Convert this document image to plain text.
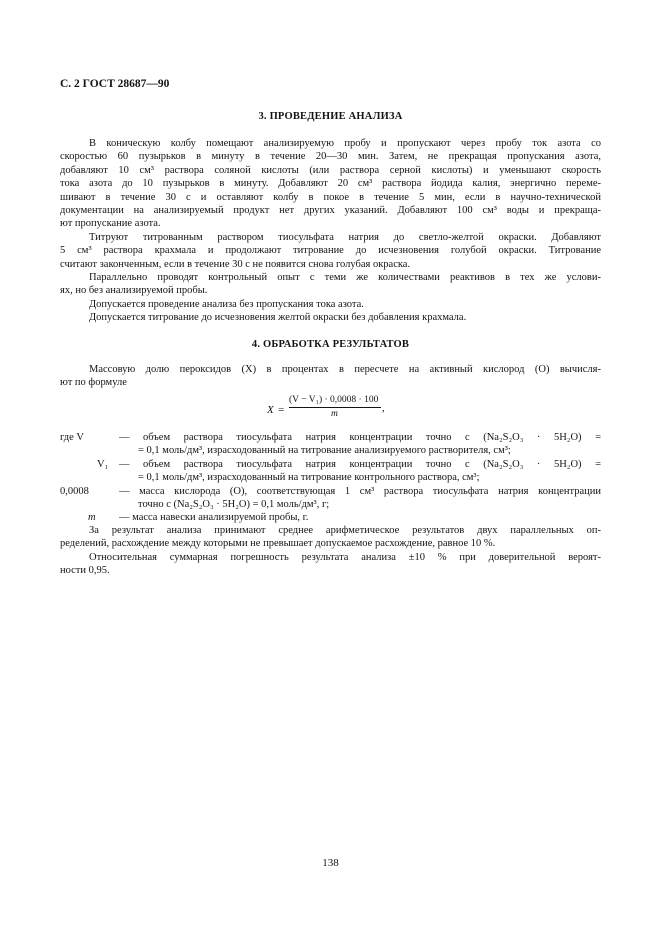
С. 2 ГОСТ 28687—90
3. ПРОВЕДЕНИЕ АНАЛИЗА
В коническую колбу помещают анализируемую пробу и пропускают через пробу ток азота со
скоростью 60 пузырьков в минуту в течение 20—30 мин. Затем, не прекращая пропускания азота,
добавляют 10 см³ раствора соляной кислоты (или раствора серной кислоты) и уменьшают скорость
тока азота до 10 пузырьков в минуту. Добавляют 20 см³ раствора йодида калия, энергично переме-
шивают в течение 30 с и оставляют колбу в покое в течение 5 мин, если в научно-технической
документации на анализируемый продукт нет других указаний. Добавляют 100 см³ воды и прекраща-
ют пропускание азота.
Титруют титрованным раствором тиосульфата натрия до светло-желтой окраски. Добавляют
5 см³ раствора крахмала и продолжают титрование до исчезновения голубой окраски. Титрование
считают законченным, если в течение 30 с не появится снова голубая окраска.
Параллельно проводят контрольный опыт с теми же количествами реактивов в тех же услови-
ях, но без анализируемой пробы.
Допускается проведение анализа без пропускания тока азота.
Допускается титрование до исчезновения желтой окраски без добавления крахмала.
4. ОБРАБОТКА РЕЗУЛЬТАТОВ
Массовую долю пероксидов (X) в процентах в пересчете на активный кислород (О) вычисля-
ют по формуле
X =
(V − V₁) · 0,0008 · 100
m	,
где V	— объем раствора тиосульфата натрия концентрации точно c (Na₂S₂O₃ · 5H₂O) =
= 0,1 моль/дм³, израсходованный на титрование анализируемого растворителя, см³;
V₁ — объем раствора тиосульфата натрия концентрации точно c (Na₂S₂O₃ · 5H₂O) =
= 0,1 моль/дм³, израсходованный на титрование контрольного раствора, см³;
0,0008	— масса кислорода (О), соответствующая 1 см³ раствора тиосульфата натрия концентрации
точно c (Na₂S₂O₃ · 5H₂O) = 0,1 моль/дм³, г;
m — масса навески анализируемой пробы, г.
За результат анализа принимают среднее арифметическое результатов двух параллельных оп-
ределений, расхождение между которыми не превышает допускаемое расхождение, равное 10 %.
Относительная суммарная погрешность результата анализа ±10 % при доверительной вероят-
ности 0,95.
138
